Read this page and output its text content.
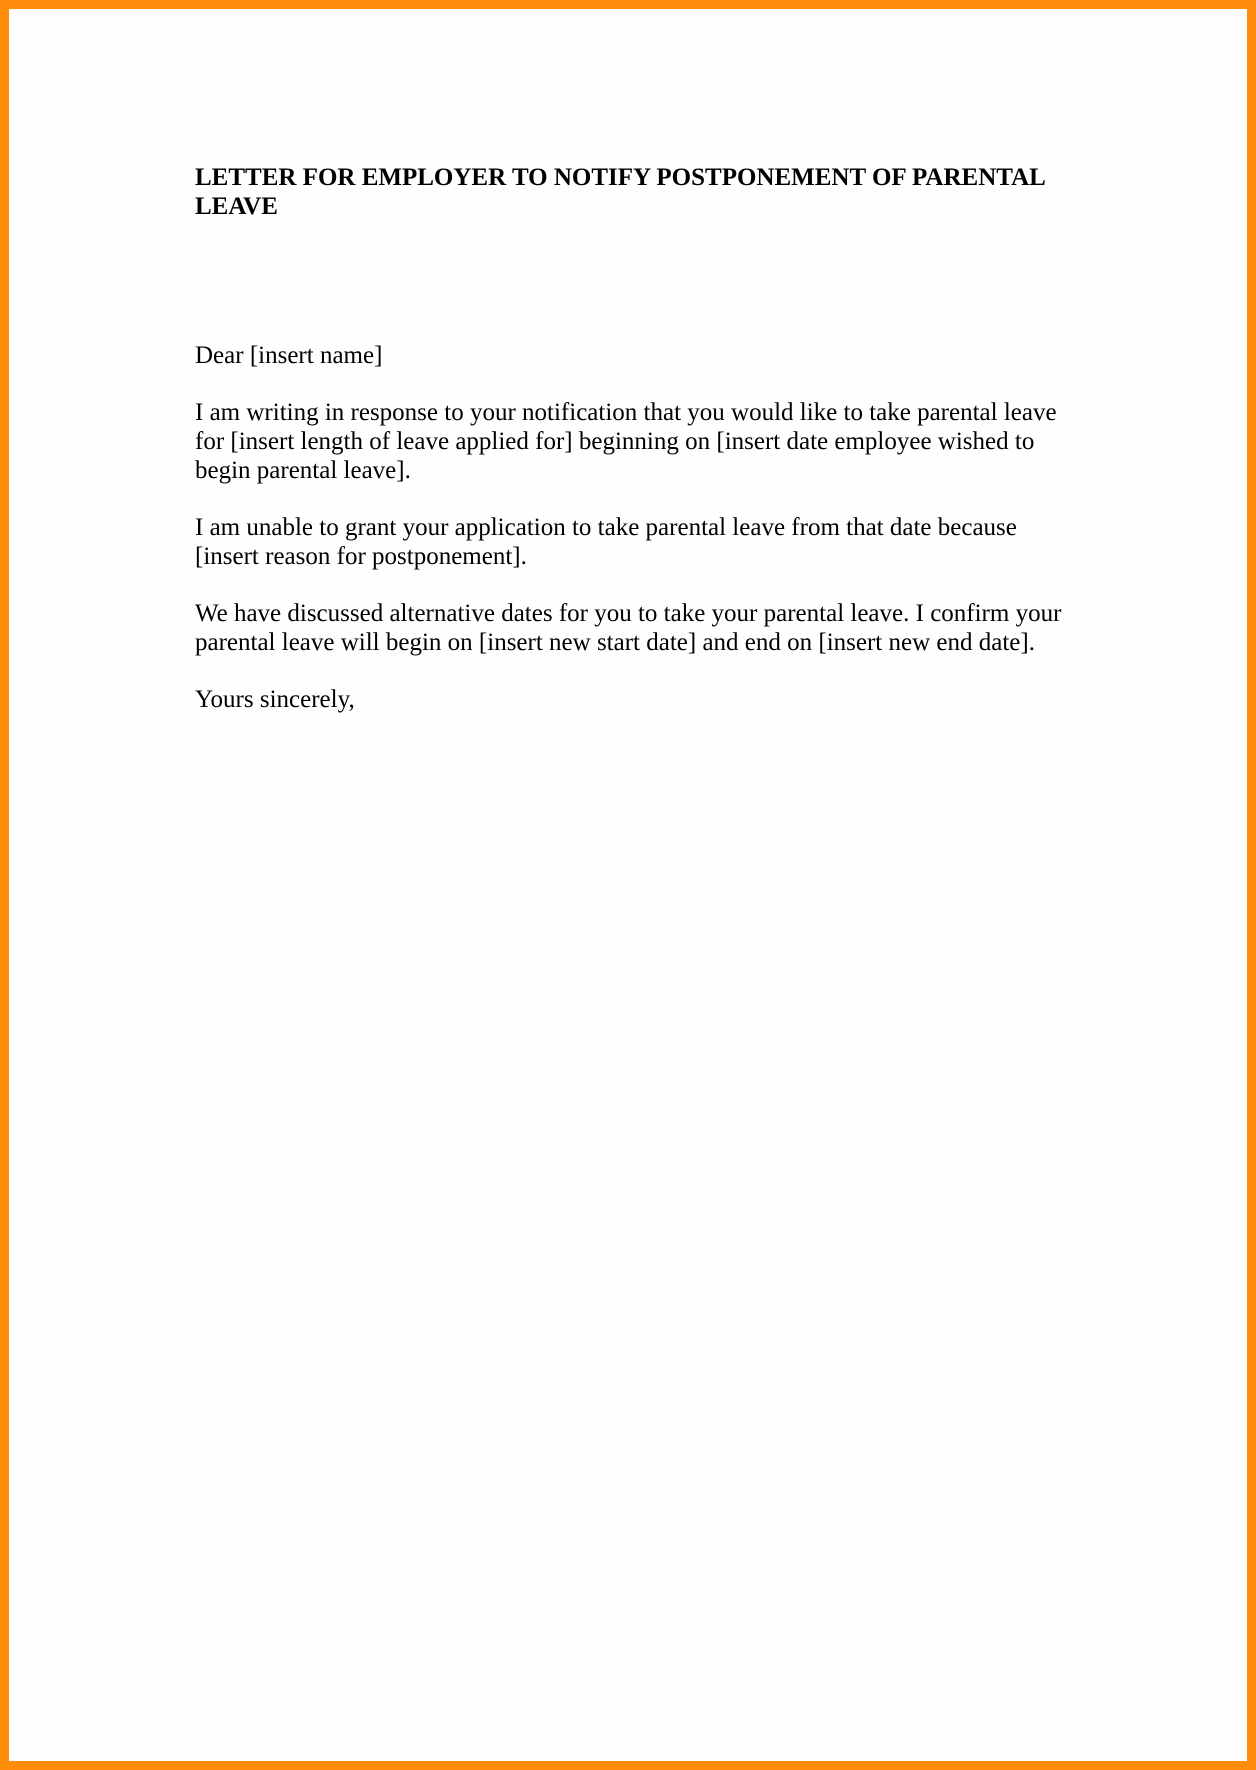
LETTER FOR EMPLOYER TO NOTIFY POSTPONEMENT OF PARENTAL LEAVE

Dear [insert name]

I am writing in response to your notification that you would like to take parental leave for [insert length of leave applied for] beginning on [insert date employee wished to begin parental leave].

I am unable to grant your application to take parental leave from that date because [insert reason for postponement].

We have discussed alternative dates for you to take your parental leave. I confirm your parental leave will begin on [insert new start date] and end on [insert new end date].

Yours sincerely,
